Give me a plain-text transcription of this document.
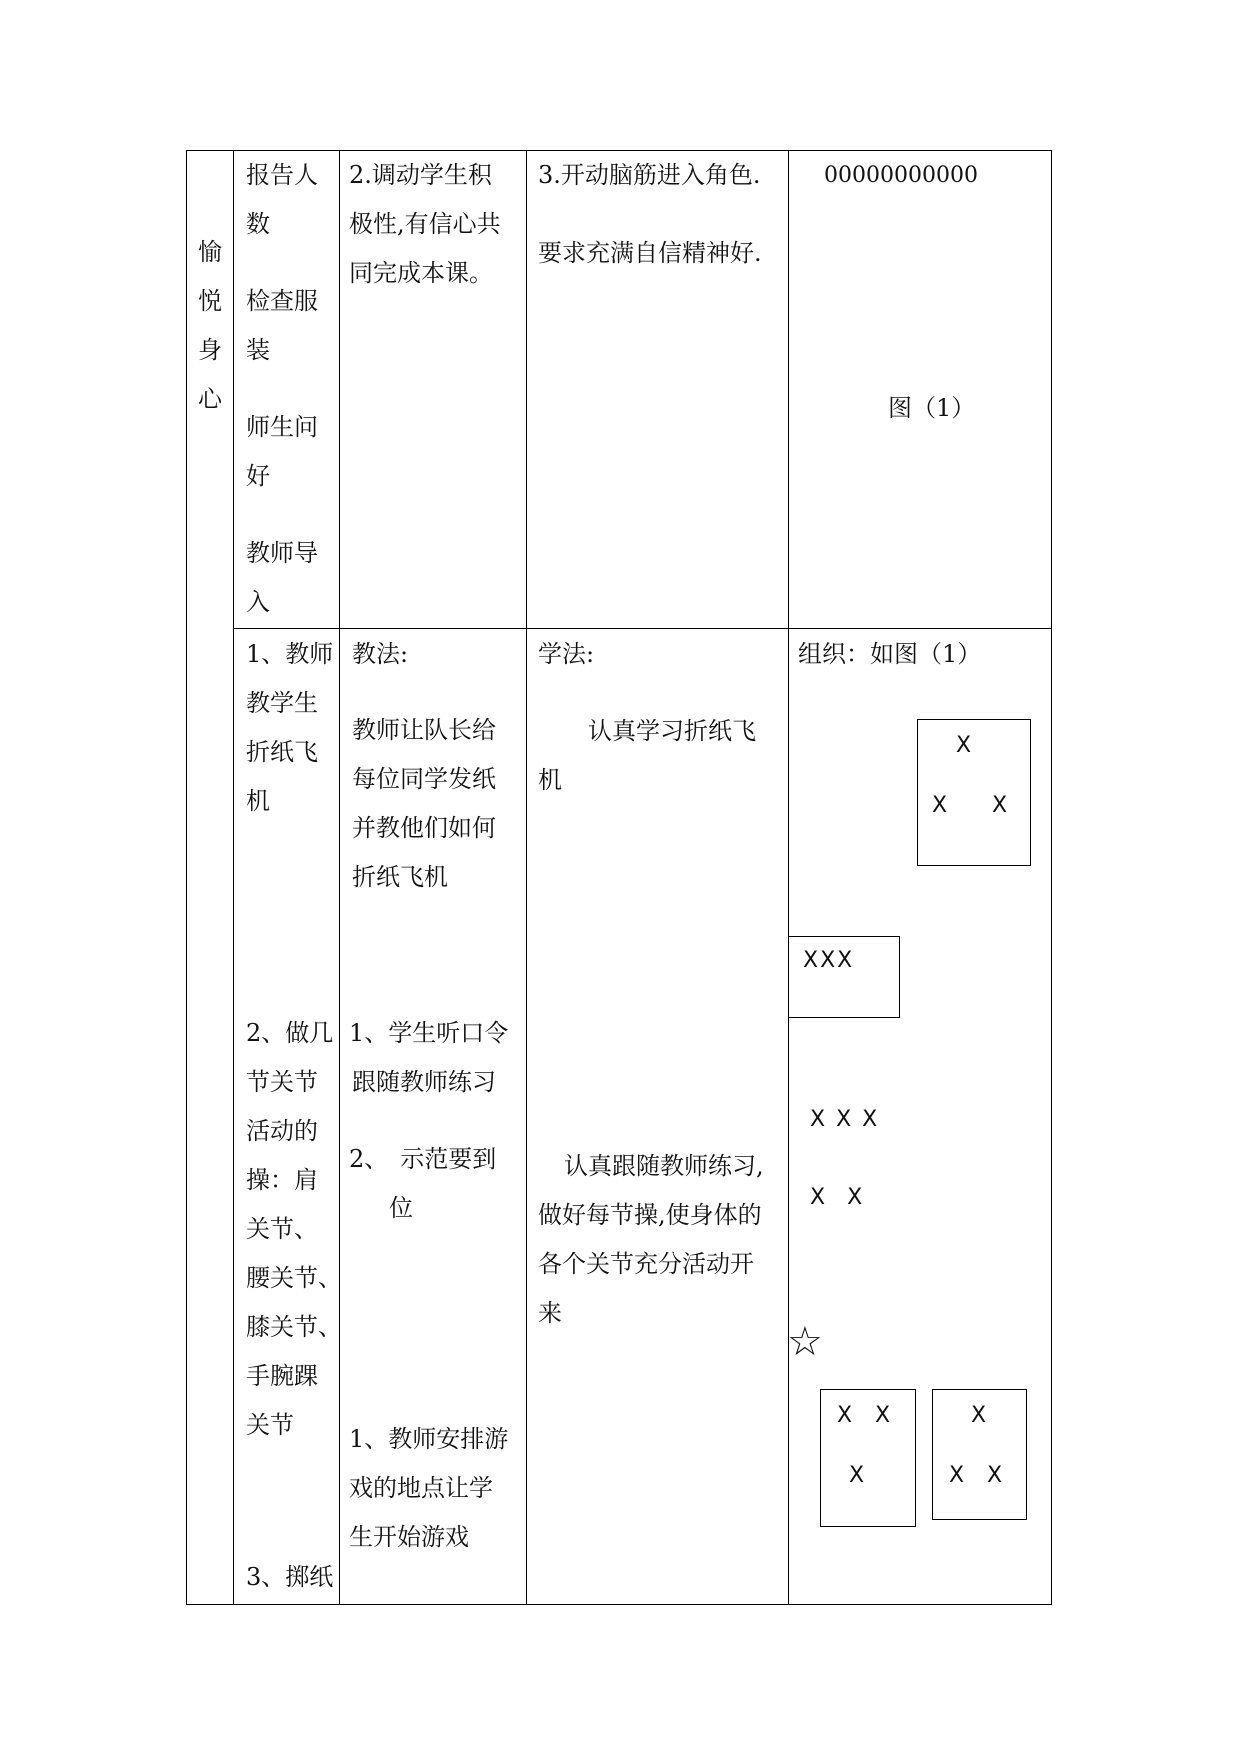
愉
悦
身
心
报告人
数
检查服
装
师生问
好
教师导
入
2.调动学生积
极性,有信心共
同完成本课。
3.开动脑筋进入角色.
要求充满自信精神好.
00000000000
图（1）
1、教师
教学生
折纸飞
机
2、做几
节关节
活动的
操：肩
关节、
腰关节、
膝关节、
手腕踝
关节
3、掷纸
教法:
教师让队长给
每位同学发纸
并教他们如何
折纸飞机
1、学生听口令
跟随教师练习
2、　示范要到
位
1、教师安排游
戏的地点让学
生开始游戏
学法:
认真学习折纸飞
机
认真跟随教师练习,
做好每节操,使身体的
各个关节充分活动开
来
组织：如图（1）
X
X X
XXX
X X X
X　X
☆
X X
X
X
X X
